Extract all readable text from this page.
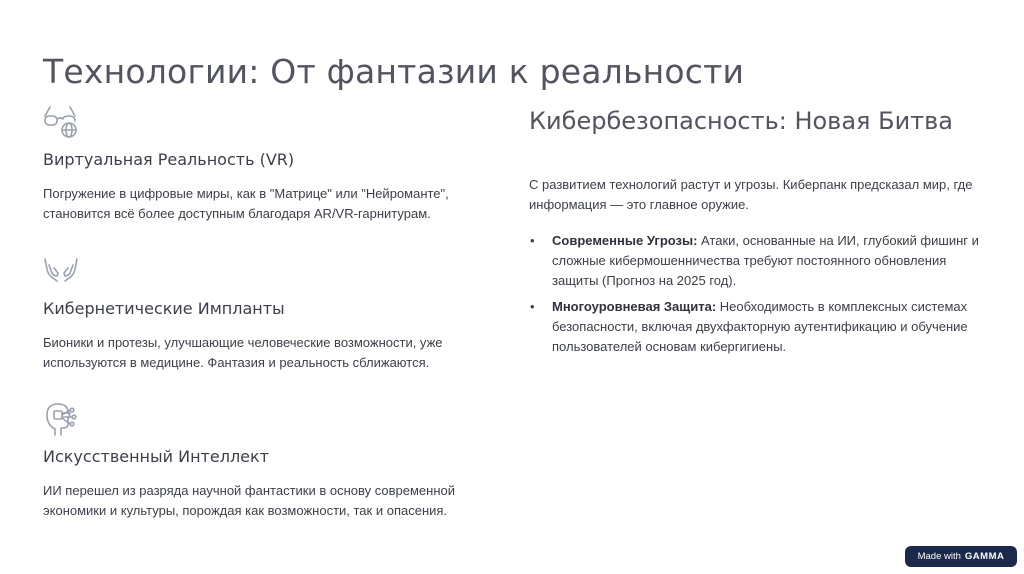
Технологии: От фантазии к реальности
Виртуальная Реальность (VR)
Погружение в цифровые миры, как в "Матрице" или "Нейроманте", становится всё более доступным благодаря AR/VR-гарнитурам.
Кибернетические Импланты
Бионики и протезы, улучшающие человеческие возможности, уже используются в медицине. Фантазия и реальность сближаются.
Искусственный Интеллект
ИИ перешел из разряда научной фантастики в основу современной экономики и культуры, порождая как возможности, так и опасения.
Кибербезопасность: Новая Битва
С развитием технологий растут и угрозы. Киберпанк предсказал мир, где информация — это главное оружие.
• Современные Угрозы: Атаки, основанные на ИИ, глубокий фишинг и сложные кибермошенничества требуют постоянного обновления защиты (Прогноз на 2025 год).
• Многоуровневая Защита: Необходимость в комплексных системах безопасности, включая двухфакторную аутентификацию и обучение пользователей основам кибергигиены.
Made with GAMMA
